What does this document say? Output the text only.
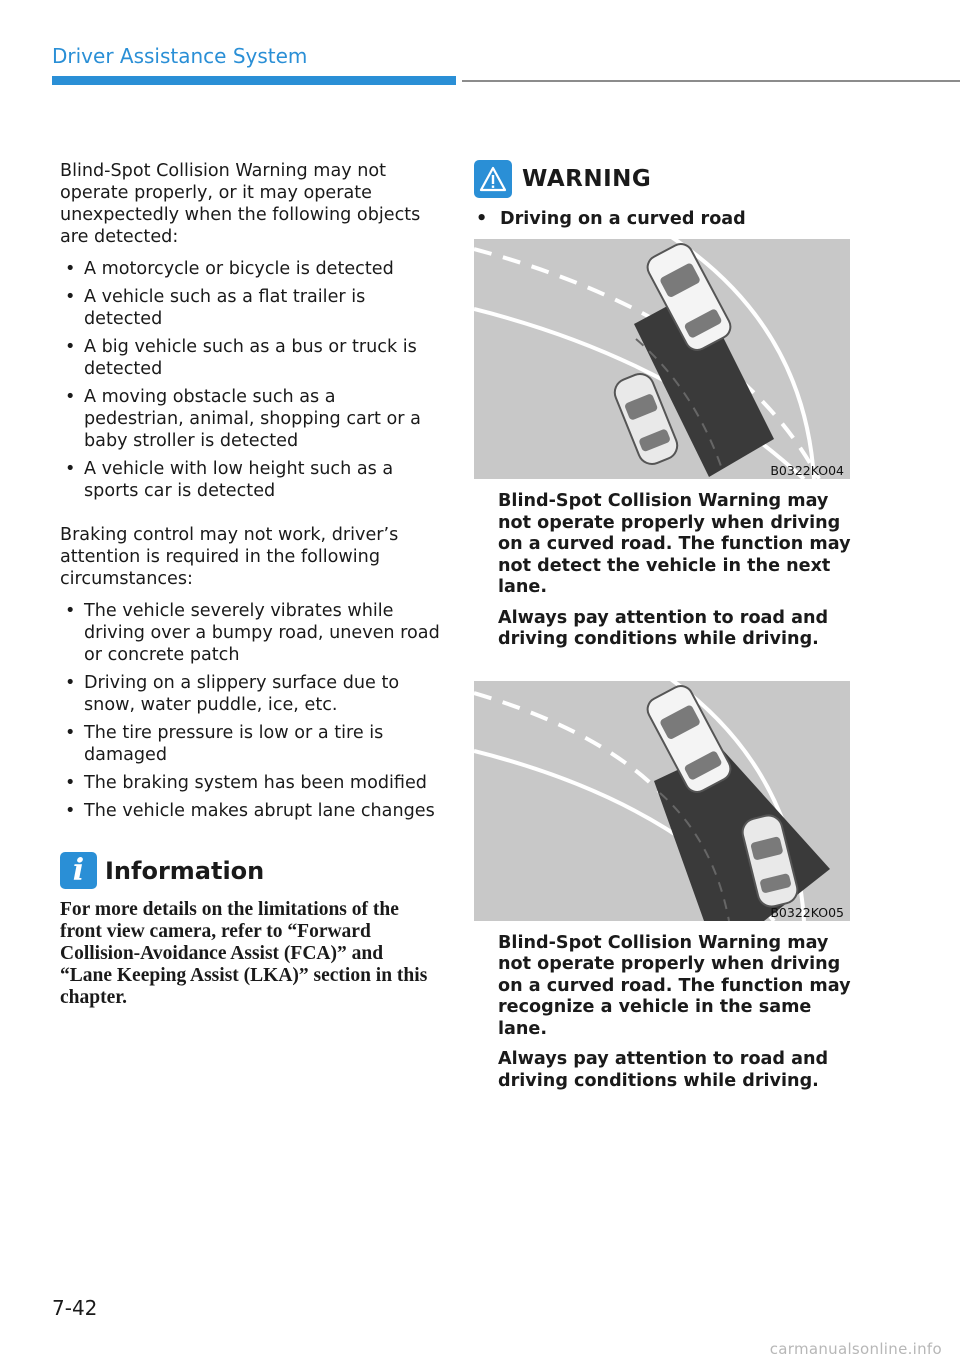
Driver Assistance System

Blind-Spot Collision Warning may not operate properly, or it may operate unexpectedly when the following objects are detected:

• A motorcycle or bicycle is detected
• A vehicle such as a flat trailer is detected
• A big vehicle such as a bus or truck is detected
• A moving obstacle such as a pedestrian, animal, shopping cart or a baby stroller is detected
• A vehicle with low height such as a sports car is detected

Braking control may not work, driver’s attention is required in the following circumstances:

• The vehicle severely vibrates while driving over a bumpy road, uneven road or concrete patch
• Driving on a slippery surface due to snow, water puddle, ice, etc.
• The tire pressure is low or a tire is damaged
• The braking system has been modified
• The vehicle makes abrupt lane changes
i Information
For more details on the limitations of the front view camera, refer to “Forward Collision-Avoidance Assist (FCA)” and “Lane Keeping Assist (LKA)” section in this chapter.
WARNING
• Driving on a curved road
B0322KO04

Blind-Spot Collision Warning may not operate properly when driving on a curved road. The function may not detect the vehicle in the next lane.

Always pay attention to road and driving conditions while driving.

B0322KO05

Blind-Spot Collision Warning may not operate properly when driving on a curved road. The function may recognize a vehicle in the same lane.

Always pay attention to road and driving conditions while driving.

7-42
carmanualsonline.info
